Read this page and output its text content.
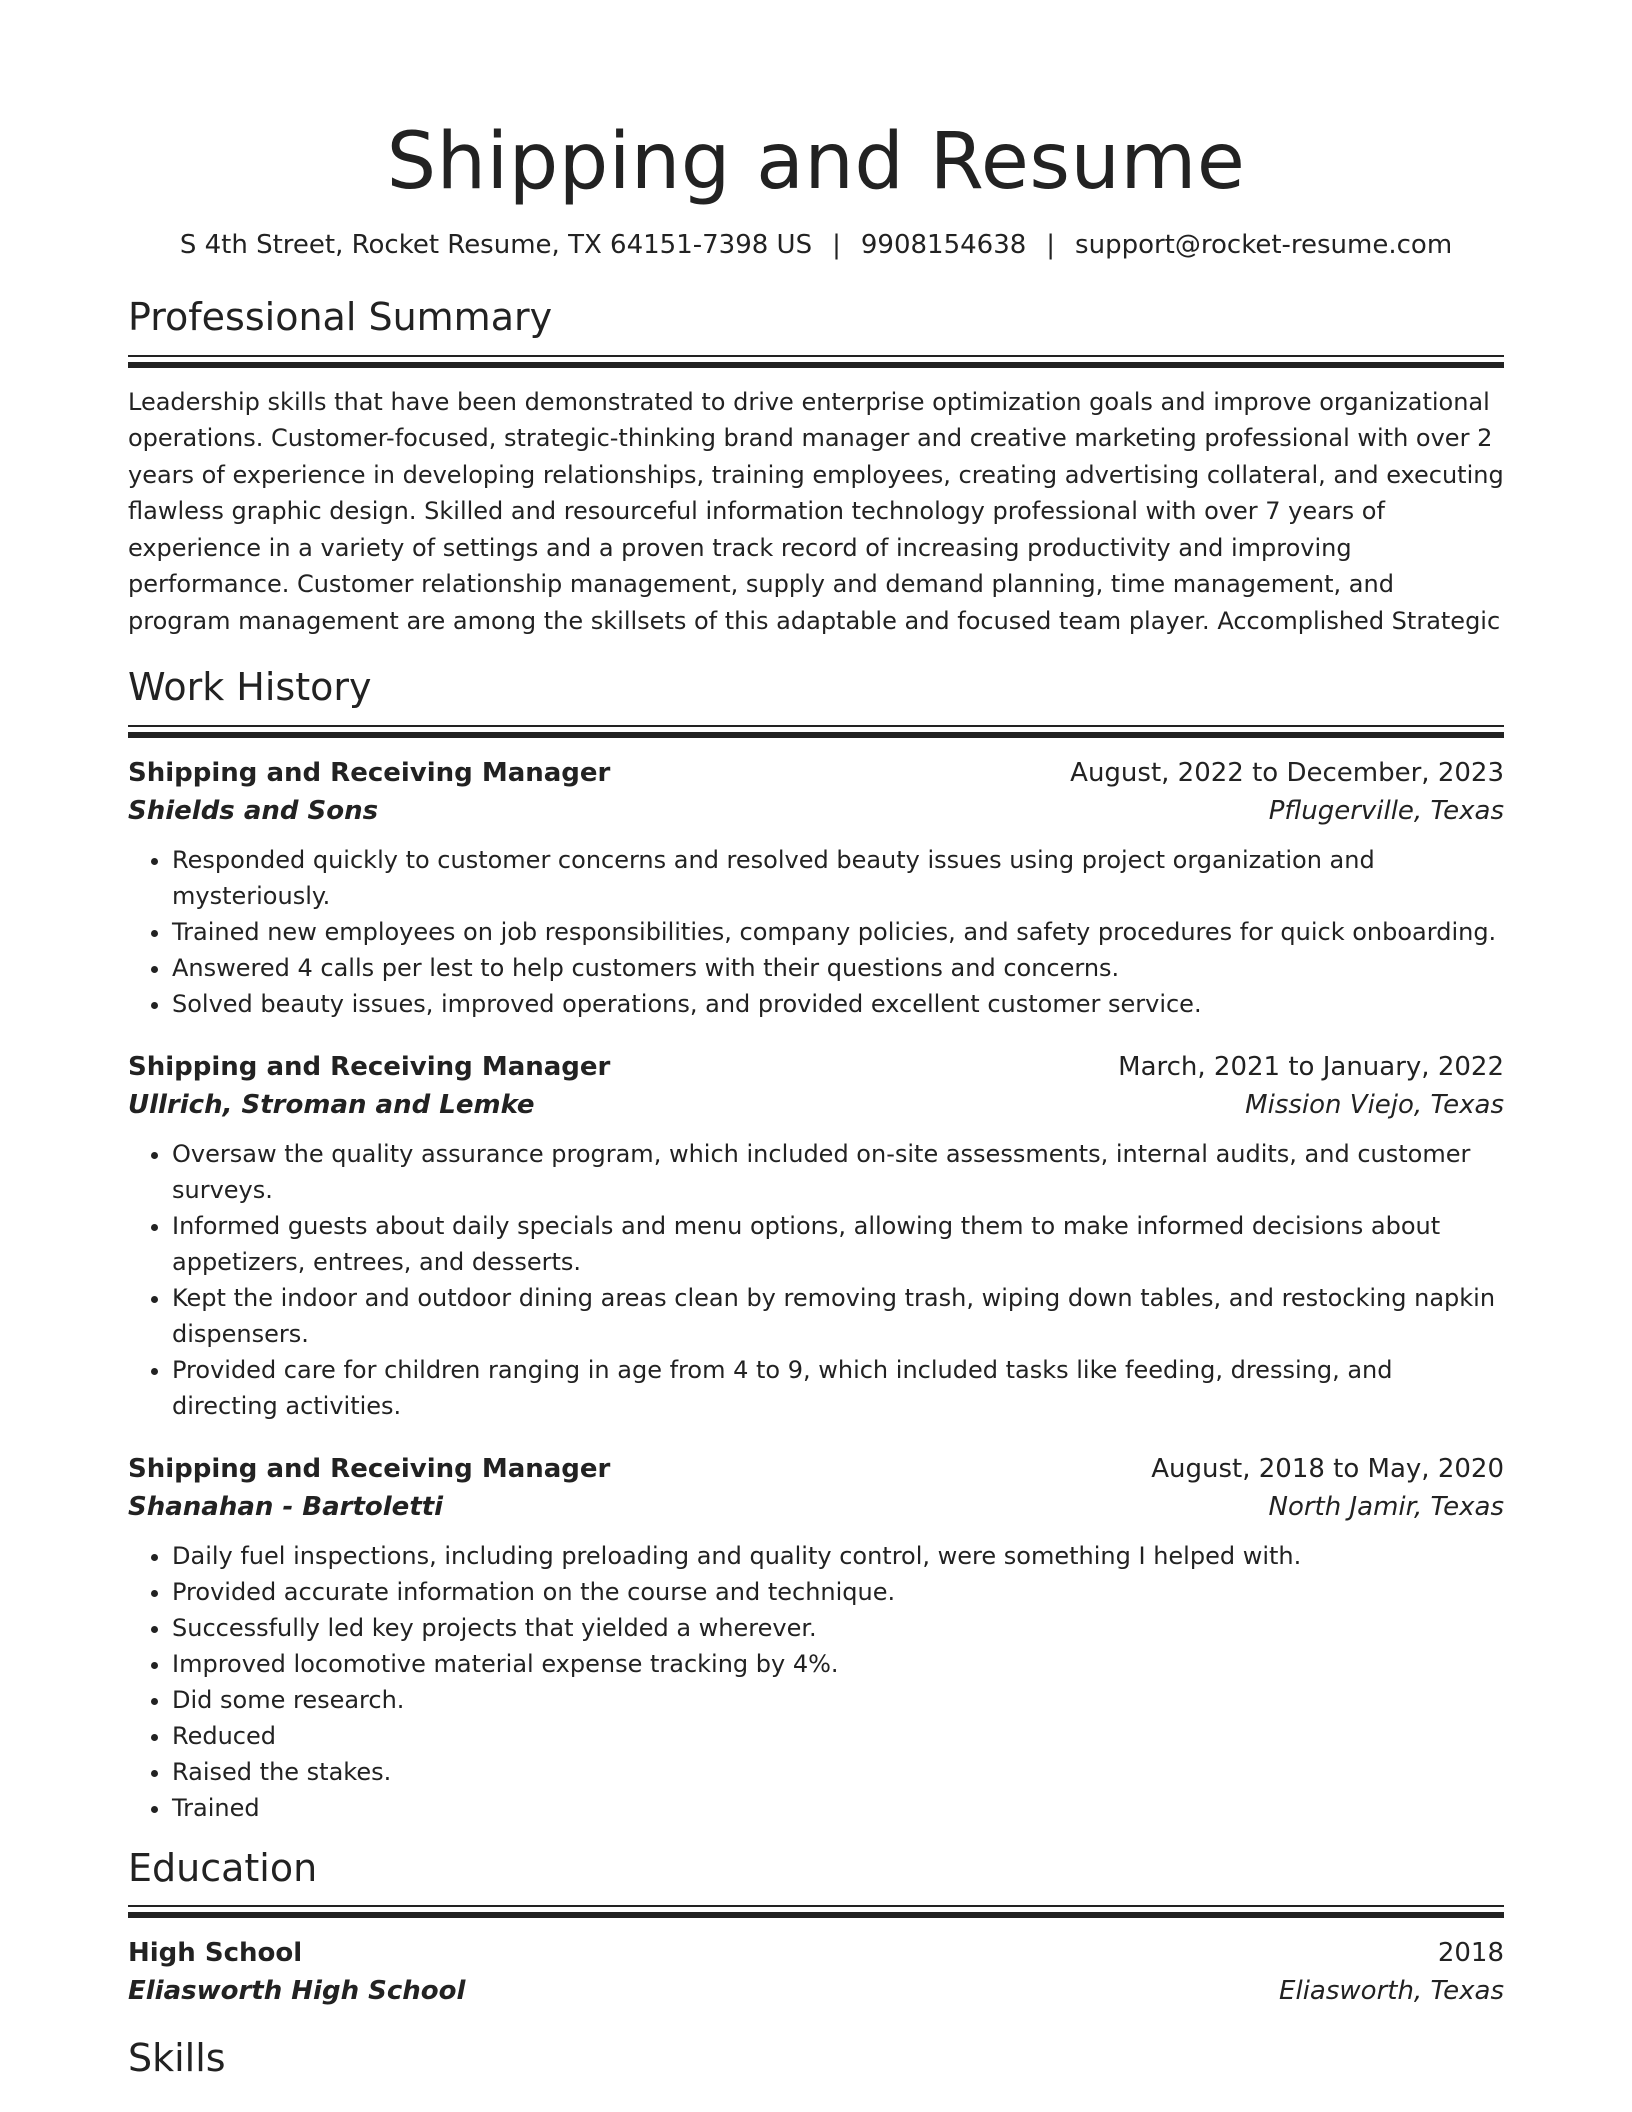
Shipping and Resume
S 4th Street, Rocket Resume, TX 64151-7398 US | 9908154638 | support@rocket-resume.com
Professional Summary

Leadership skills that have been demonstrated to drive enterprise optimization goals and improve organizational operations. Customer-focused, strategic-thinking brand manager and creative marketing professional with over 2 years of experience in developing relationships, training employees, creating advertising collateral, and executing flawless graphic design. Skilled and resourceful information technology professional with over 7 years of experience in a variety of settings and a proven track record of increasing productivity and improving performance. Customer relationship management, supply and demand planning, time management, and program management are among the skillsets of this adaptable and focused team player. Accomplished Strategic

Work History
Shipping and Receiving Manager	August, 2022 to December, 2023
Shields and Sons	Pflugerville, Texas
• Responded quickly to customer concerns and resolved beauty issues using project organization and mysteriously.
• Trained new employees on job responsibilities, company policies, and safety procedures for quick onboarding.
• Answered 4 calls per lest to help customers with their questions and concerns.
• Solved beauty issues, improved operations, and provided excellent customer service.
Shipping and Receiving Manager	March, 2021 to January, 2022
Ullrich, Stroman and Lemke	Mission Viejo, Texas
• Oversaw the quality assurance program, which included on-site assessments, internal audits, and customer surveys.
• Informed guests about daily specials and menu options, allowing them to make informed decisions about appetizers, entrees, and desserts.
• Kept the indoor and outdoor dining areas clean by removing trash, wiping down tables, and restocking napkin dispensers.
• Provided care for children ranging in age from 4 to 9, which included tasks like feeding, dressing, and directing activities.
Shipping and Receiving Manager	August, 2018 to May, 2020
Shanahan - Bartoletti	North Jamir, Texas
• Daily fuel inspections, including preloading and quality control, were something I helped with.
• Provided accurate information on the course and technique.
• Successfully led key projects that yielded a wherever.
• Improved locomotive material expense tracking by 4%.
• Did some research.
• Reduced
• Raised the stakes.
• Trained
Education
High School	2018
Eliasworth High School	Eliasworth, Texas
Skills
